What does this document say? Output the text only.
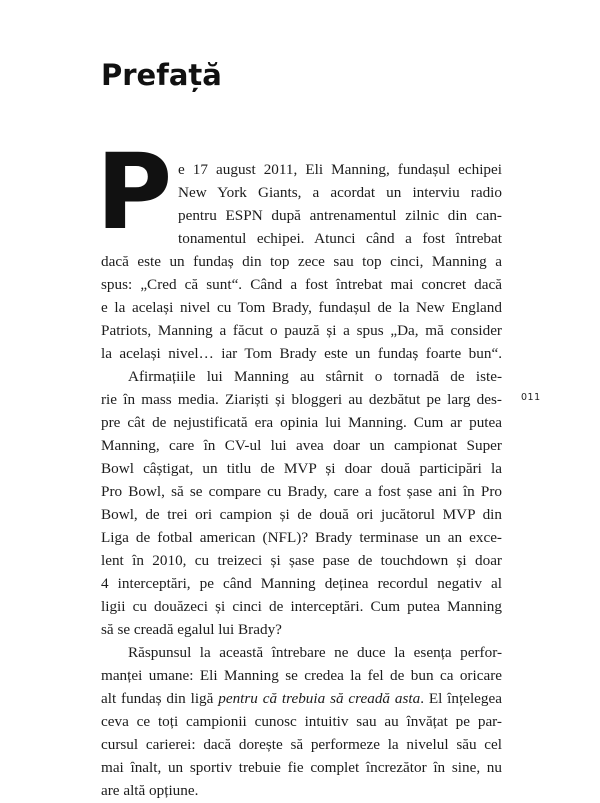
Prefață
P e 17 august 2011, Eli Manning, fundașul echipei

New York Giants, a acordat un interviu radio

pentru ESPN după antrenamentul zilnic din can-

tonamentul echipei. Atunci când a fost întrebat

dacă este un fundaș din top zece sau top cinci, Manning a

spus: „Cred că sunt“. Când a fost întrebat mai concret dacă

e la același nivel cu Tom Brady, fundașul de la New England

Patriots, Manning a făcut o pauză și a spus „Da, mă consider

la același nivel… iar Tom Brady este un fundaș foarte bun“.

Afirmațiile lui Manning au stârnit o tornadă de iste-

rie în mass media. Ziariști și bloggeri au dezbătut pe larg des-

pre cât de nejustificată era opinia lui Manning. Cum ar putea

Manning, care în CV-ul lui avea doar un campionat Super

Bowl câștigat, un titlu de MVP și doar două participări la

Pro Bowl, să se compare cu Brady, care a fost șase ani în Pro

Bowl, de trei ori campion și de două ori jucătorul MVP din

Liga de fotbal american (NFL)? Brady terminase un an exce-

lent în 2010, cu treizeci și șase pase de touchdown și doar

4 interceptări, pe când Manning deținea recordul negativ al

ligii cu douăzeci și cinci de interceptări. Cum putea Manning

să se creadă egalul lui Brady?

Răspunsul la această întrebare ne duce la esența perfor-

manței umane: Eli Manning se credea la fel de bun ca oricare

alt fundaș din ligă pentru că trebuia să creadă asta. El înțelegea

ceva ce toți campionii cunosc intuitiv sau au învățat pe par-

cursul carierei: dacă dorește să performeze la nivelul său cel

mai înalt, un sportiv trebuie fie complet încrezător în sine, nu

are altă opțiune.

011
